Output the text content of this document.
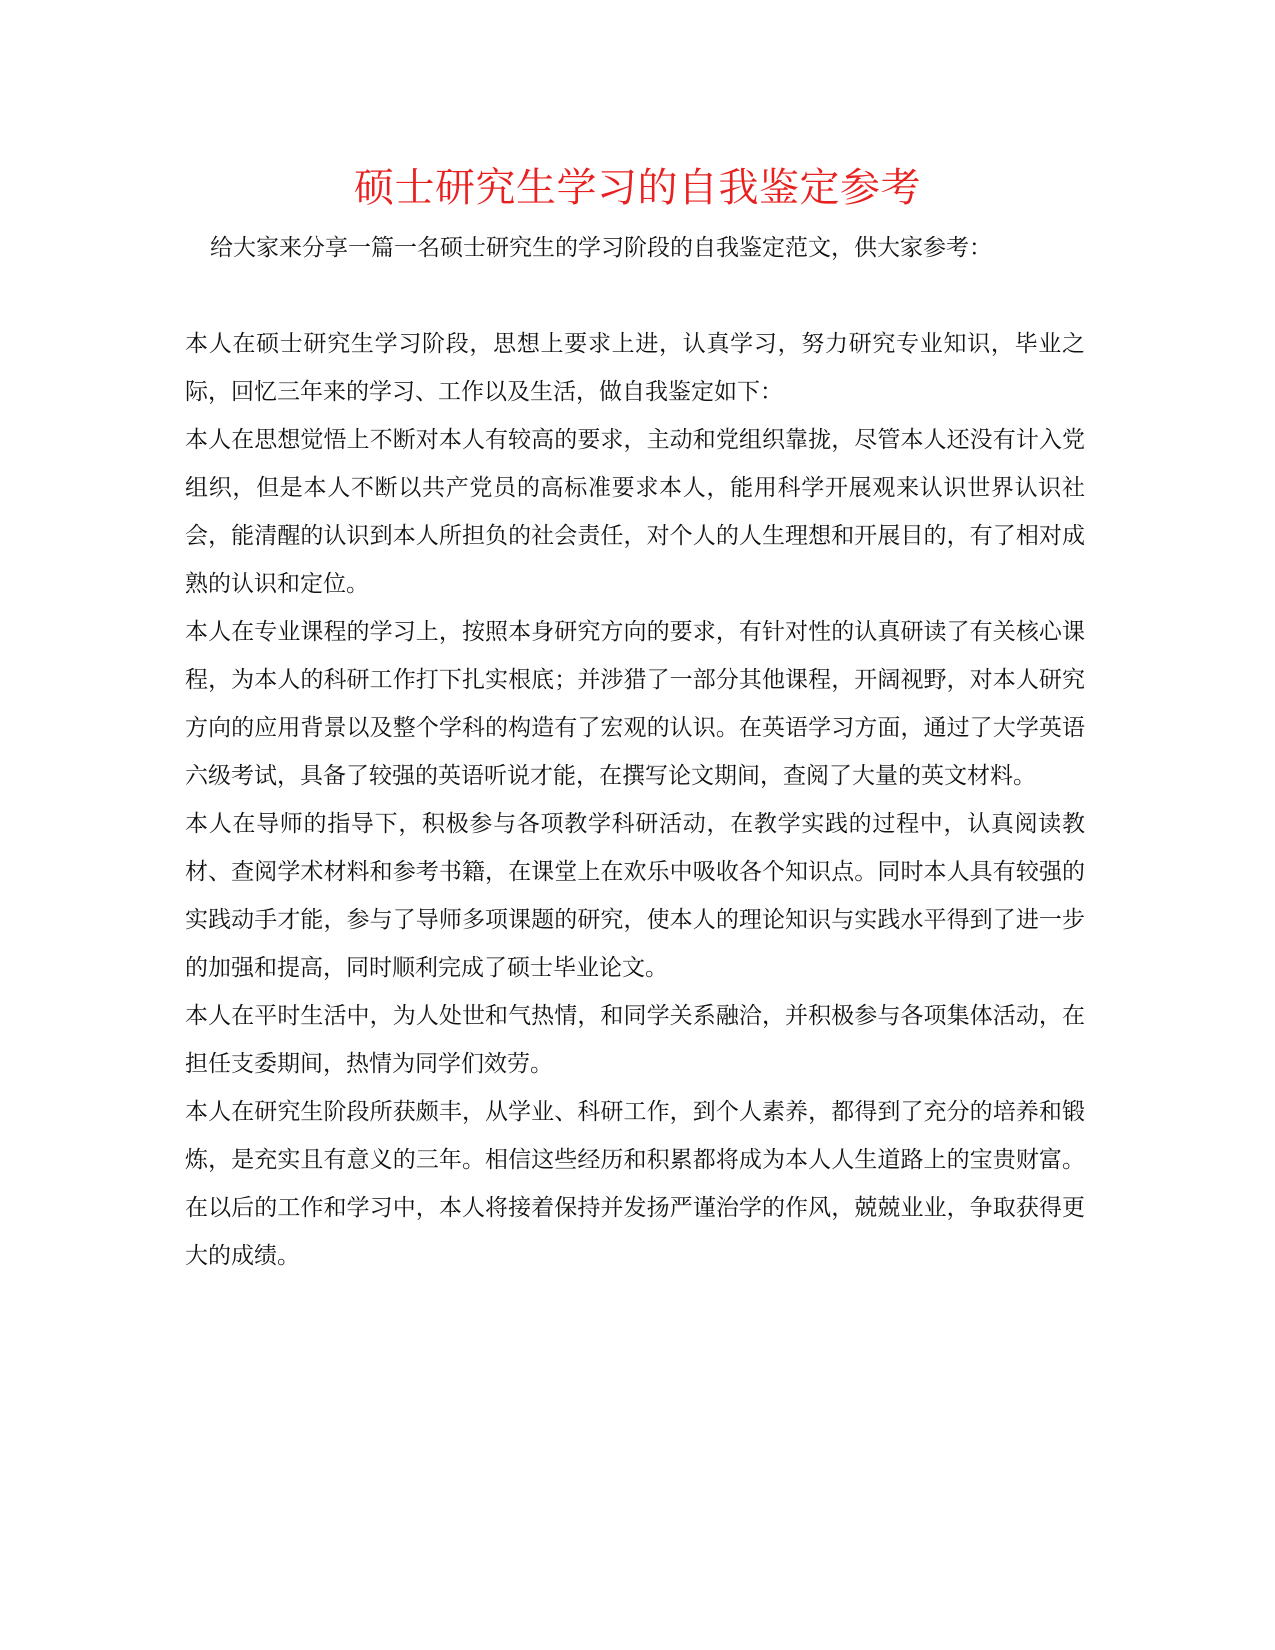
硕士研究生学习的自我鉴定参考

给大家来分享一篇一名硕士研究生的学习阶段的自我鉴定范文，供大家参考：

本人在硕士研究生学习阶段，思想上要求上进，认真学习，努力研究专业知识，毕业之际，回忆三年来的学习、工作以及生活，做自我鉴定如下：

本人在思想觉悟上不断对本人有较高的要求，主动和党组织靠拢，尽管本人还没有计入党组织，但是本人不断以共产党员的高标准要求本人，能用科学开展观来认识世界认识社会，能清醒的认识到本人所担负的社会责任，对个人的人生理想和开展目的，有了相对成熟的认识和定位。

本人在专业课程的学习上，按照本身研究方向的要求，有针对性的认真研读了有关核心课程，为本人的科研工作打下扎实根底；并涉猎了一部分其他课程，开阔视野，对本人研究方向的应用背景以及整个学科的构造有了宏观的认识。在英语学习方面，通过了大学英语六级考试，具备了较强的英语听说才能，在撰写论文期间，查阅了大量的英文材料。

本人在导师的指导下，积极参与各项教学科研活动，在教学实践的过程中，认真阅读教材、查阅学术材料和参考书籍，在课堂上在欢乐中吸收各个知识点。同时本人具有较强的实践动手才能，参与了导师多项课题的研究，使本人的理论知识与实践水平得到了进一步的加强和提高，同时顺利完成了硕士毕业论文。

本人在平时生活中，为人处世和气热情，和同学关系融洽，并积极参与各项集体活动，在担任支委期间，热情为同学们效劳。

本人在研究生阶段所获颇丰，从学业、科研工作，到个人素养，都得到了充分的培养和锻炼，是充实且有意义的三年。相信这些经历和积累都将成为本人人生道路上的宝贵财富。在以后的工作和学习中，本人将接着保持并发扬严谨治学的作风，兢兢业业，争取获得更大的成绩。
